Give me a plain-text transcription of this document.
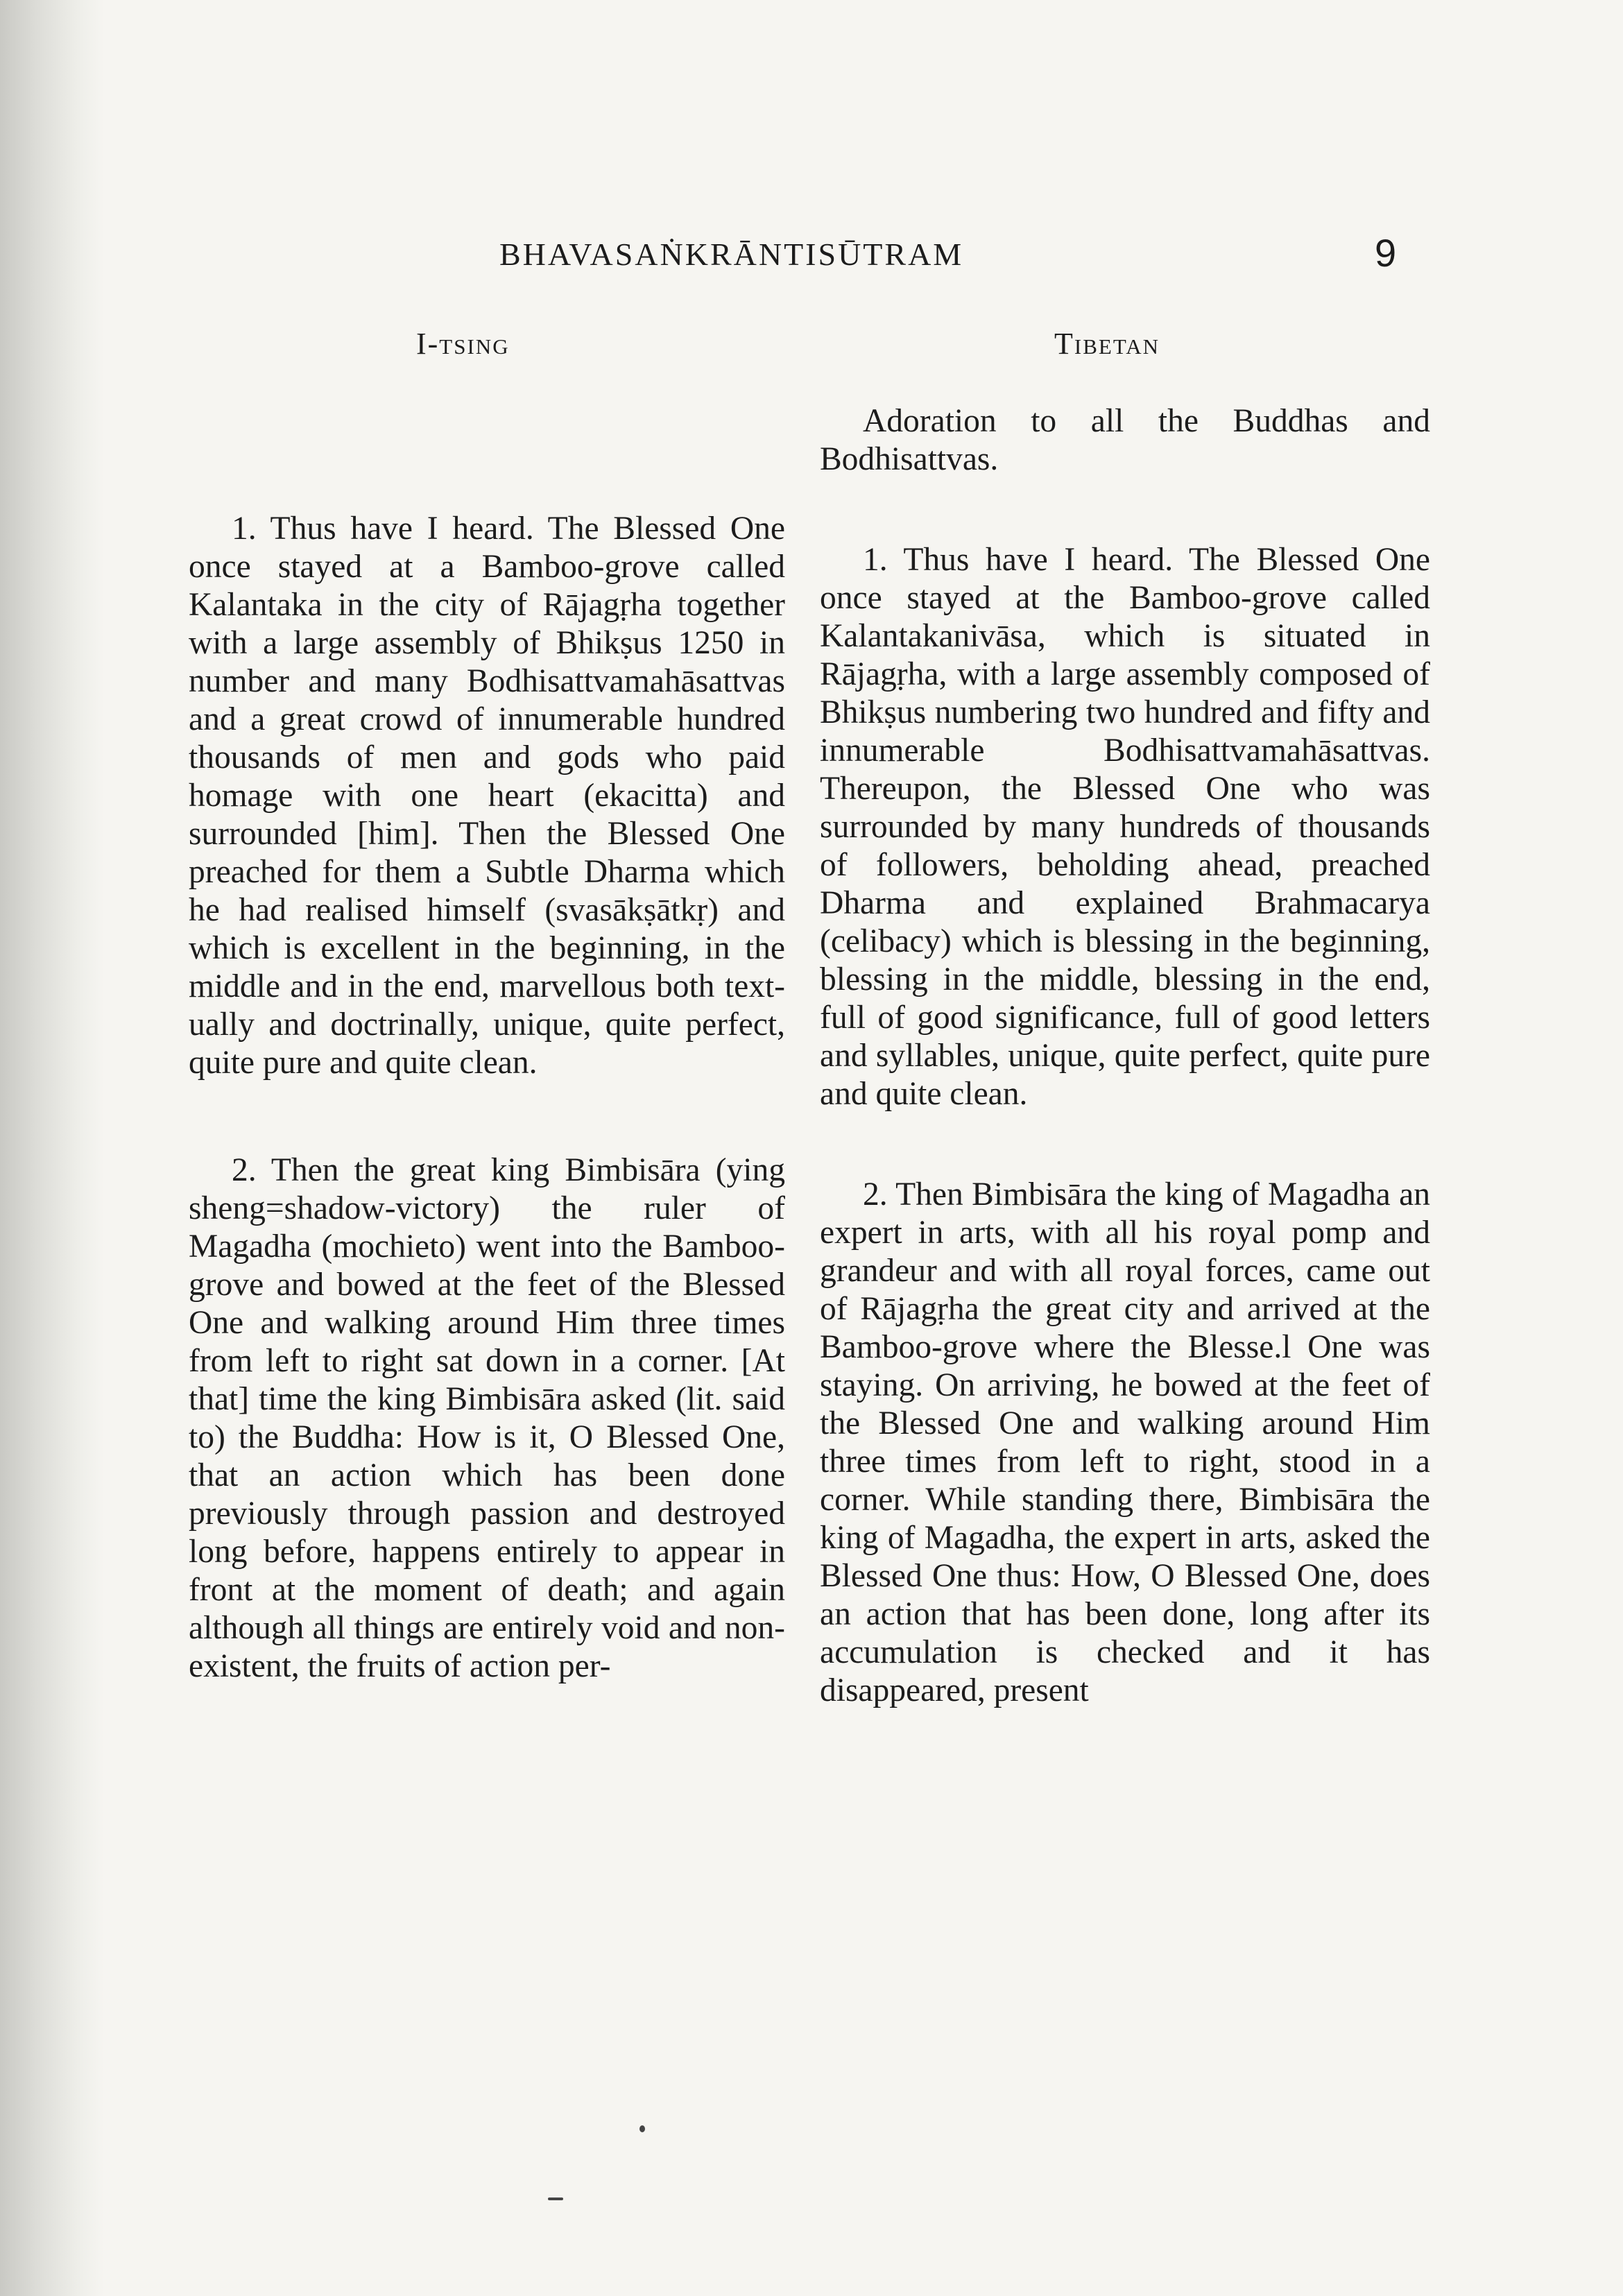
BHAVASAṄKRĀNTISŪTRAM	9
I-tsing	Tibetan

1. Thus have I heard. The Blessed One once stayed at a Bamboo-grove called Kalantaka in the city of Rājagṛha together with a large assembly of Bhikṣus 1250 in number and many Bodhisattvamahāsattvas and a great crowd of innumerable hundred thousands of men and gods who paid homage with one heart (ekacitta) and surrounded [him]. Then the Blessed One preached for them a Subtle Dharma which he had realised himself (svasākṣātkṛ) and which is excellent in the beginning, in the middle and in the end, marvellous both textually and doctrinally, unique, quite perfect, quite pure and quite clean.

2. Then the great king Bimbisāra (ying sheng=shadow-victory) the ruler of Magadha (mochieto) went into the Bamboo-grove and bowed at the feet of the Blessed One and walking around Him three times from left to right sat down in a corner. [At that] time the king Bimbisāra asked (lit. said to) the Buddha: How is it, O Blessed One, that an action which has been done previously through passion and destroyed long before, happens entirely to appear in front at the moment of death; and again although all things are entirely void and non-existent, the fruits of action per-

Adoration to all the Buddhas and Bodhisattvas.

1. Thus have I heard. The Blessed One once stayed at the Bamboo-grove called Kalantakanivāsa, which is situated in Rājagṛha, with a large assembly composed of Bhikṣus numbering two hundred and fifty and innumerable Bodhisattvamahāsattvas. Thereupon, the Blessed One who was surrounded by many hundreds of thousands of followers, beholding ahead, preached Dharma and explained Brahmacarya (celibacy) which is blessing in the beginning, blessing in the middle, blessing in the end, full of good significance, full of good letters and syllables, unique, quite perfect, quite pure and quite clean.

2. Then Bimbisāra the king of Magadha an expert in arts, with all his royal pomp and grandeur and with all royal forces, came out of Rājagṛha the great city and arrived at the Bamboo-grove where the Blesse.l One was staying. On arriving, he bowed at the feet of the Blessed One and walking around Him three times from left to right, stood in a corner. While standing there, Bimbisāra the king of Magadha, the expert in arts, asked the Blessed One thus: How, O Blessed One, does an action that has been done, long after its accumulation is checked and it has disappeared, present
